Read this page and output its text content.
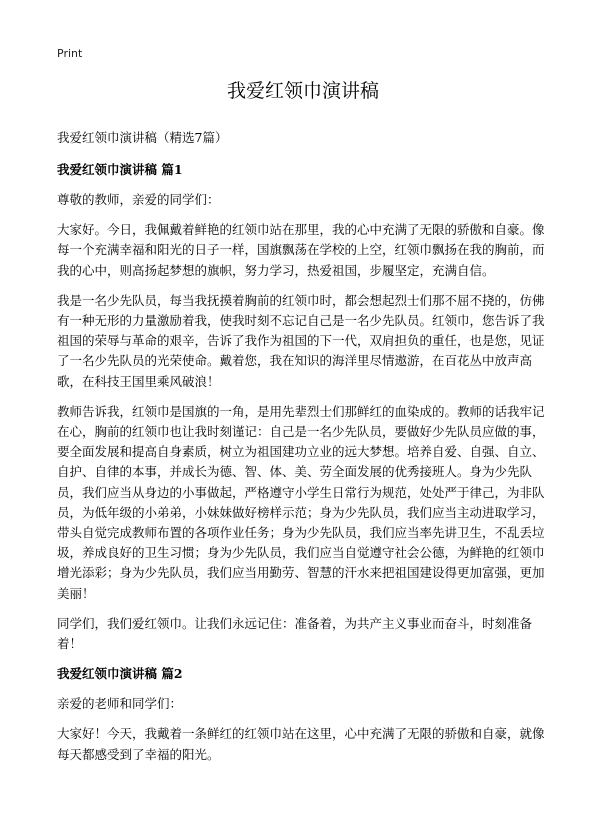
Print
我爱红领巾演讲稿

我爱红领巾演讲稿（精选7篇）

我爱红领巾演讲稿 篇1

尊敬的教师，亲爱的同学们：

大家好。今日，我佩戴着鲜艳的红领巾站在那里，我的心中充满了无限的骄傲和自豪。像每一个充满幸福和阳光的日子一样，国旗飘荡在学校的上空，红领巾飘扬在我的胸前，而我的心中，则高扬起梦想的旗帜，努力学习，热爱祖国，步履坚定，充满自信。

我是一名少先队员，每当我抚摸着胸前的红领巾时，都会想起烈士们那不屈不挠的，仿佛有一种无形的力量激励着我，使我时刻不忘记自己是一名少先队员。红领巾，您告诉了我祖国的荣辱与革命的艰辛，告诉了我作为祖国的下一代，双肩担负的重任，也是您，见证了一名少先队员的光荣使命。戴着您，我在知识的海洋里尽情遨游，在百花丛中放声高歌，在科技王国里乘风破浪！

教师告诉我，红领巾是国旗的一角，是用先辈烈士们那鲜红的血染成的。教师的话我牢记在心，胸前的红领巾也让我时刻谨记：自己是一名少先队员，要做好少先队员应做的事，要全面发展和提高自身素质，树立为祖国建功立业的远大梦想。培养自爱、自强、自立、自护、自律的本事，并成长为德、智、体、美、劳全面发展的优秀接班人。身为少先队员，我们应当从身边的小事做起，严格遵守小学生日常行为规范，处处严于律己，为非队员，为低年级的小弟弟，小妹妹做好榜样示范；身为少先队员，我们应当主动进取学习，带头自觉完成教师布置的各项作业任务；身为少先队员，我们应当率先讲卫生，不乱丢垃圾，养成良好的卫生习惯；身为少先队员，我们应当自觉遵守社会公德，为鲜艳的红领巾增光添彩；身为少先队员，我们应当用勤劳、智慧的汗水来把祖国建设得更加富强，更加美丽！

同学们，我们爱红领巾。让我们永远记住：准备着，为共产主义事业而奋斗，时刻准备着！

我爱红领巾演讲稿 篇2

亲爱的老师和同学们：

大家好！今天，我戴着一条鲜红的红领巾站在这里，心中充满了无限的骄傲和自豪，就像每天都感受到了幸福的阳光。
